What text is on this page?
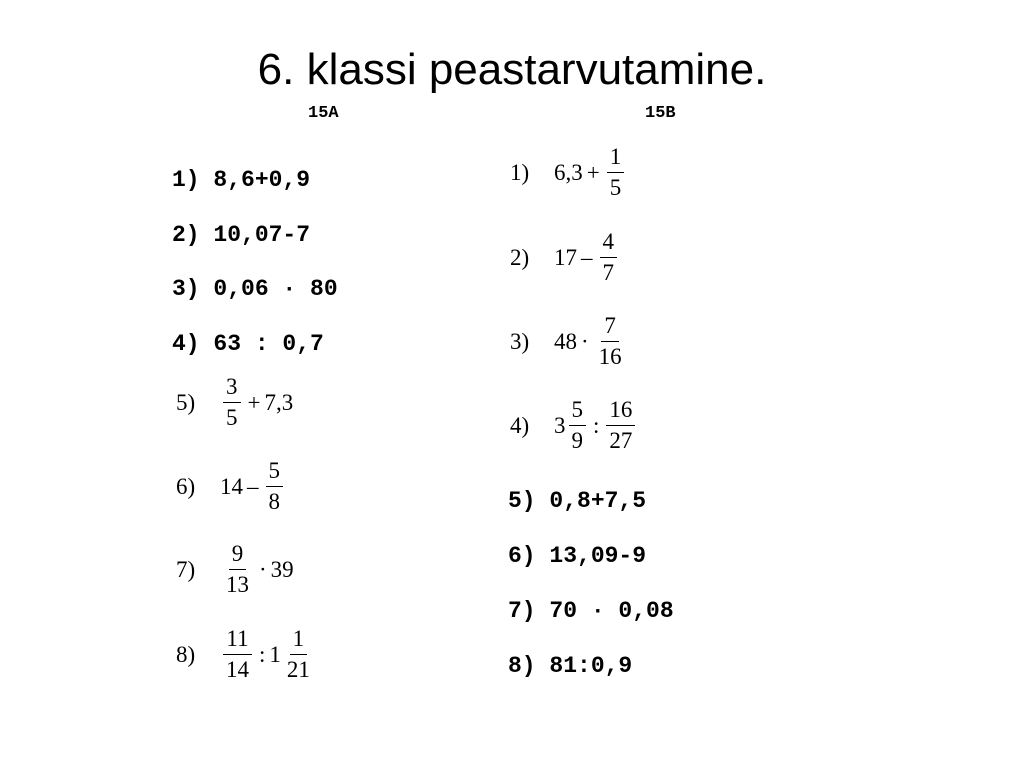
6. klassi peastarvutamine.
15A	15B
1) 8,6+0,9
2) 10,07-7
3) 0,06 · 80
4) 63 : 0,7
5)	$\frac{3}{5} + 7,3$
6)	$14 - \frac{5}{8}$
7)	$\frac{9}{13} \cdot 39$
8)	$\frac{11}{14}$ : $1 \frac{1}{21}$
1)	$6,3 + \frac{1}{5}$
2)	$17 - \frac{4}{7}$
3)	$48 \cdot \frac{7}{16}$
4)	$3 \frac{5}{9}$ : $\frac{16}{27}$
5) 0,8+7,5
6) 13,09-9
7) 70 · 0,08
8) 81:0,9
